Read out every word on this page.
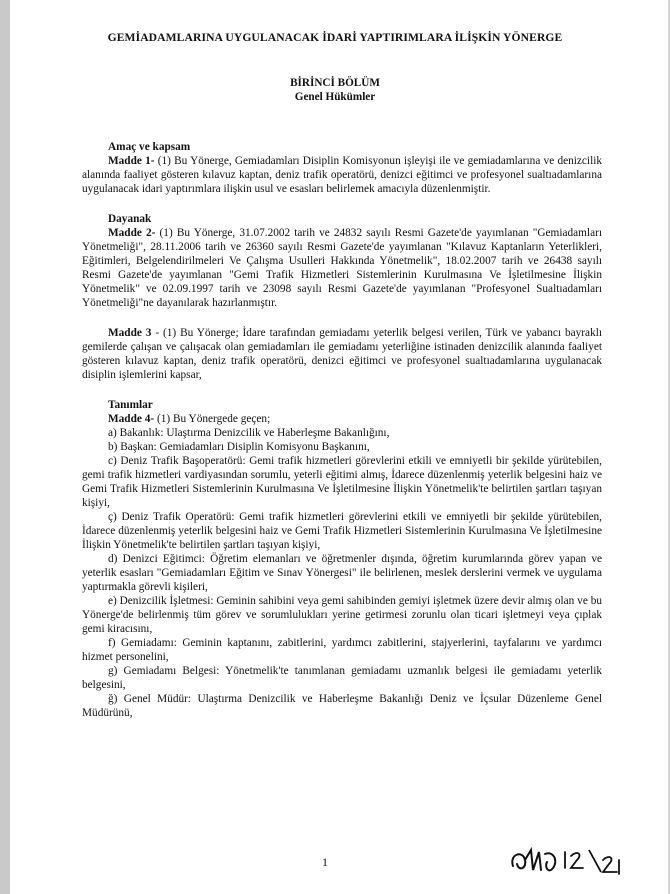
GEMİADAMLARINA UYGULANACAK İDARİ YAPTIRIMLARA İLİŞKİN YÖNERGE
BİRİNCİ BÖLÜM
Genel Hükümler
Amaç ve kapsam

Madde 1- (1) Bu Yönerge, Gemiadamları Disiplin Komisyonun işleyişi ile ve gemiadamlarına ve denizcilik alanında faaliyet gösteren kılavuz kaptan, deniz trafik operatörü, denizci eğitimci ve profesyonel sualtıadamlarına uygulanacak idari yaptırımlara ilişkin usul ve esasları belirlemek amacıyla düzenlenmiştir.

Dayanak

Madde 2- (1) Bu Yönerge, 31.07.2002 tarih ve 24832 sayılı Resmi Gazete'de yayımlanan "Gemiadamları Yönetmeliği", 28.11.2006 tarih ve 26360 sayılı Resmi Gazete'de yayımlanan "Kılavuz Kaptanların Yeterlikleri, Eğitimleri, Belgelendirilmeleri Ve Çalışma Usulleri Hakkında Yönetmelik", 18.02.2007 tarih ve 26438 sayılı Resmi Gazete'de yayımlanan "Gemi Trafik Hizmetleri Sistemlerinin Kurulmasına Ve İşletilmesine İlişkin Yönetmelik" ve 02.09.1997 tarih ve 23098 sayılı Resmi Gazete'de yayımlanan "Profesyonel Sualtıadamları Yönetmeliği"ne dayanılarak hazırlanmıştır.

Madde 3 - (1) Bu Yönerge; İdare tarafından gemiadamı yeterlik belgesi verilen, Türk ve yabancı bayraklı gemilerde çalışan ve çalışacak olan gemiadamları ile gemiadamı yeterliğine istinaden denizcilik alanında faaliyet gösteren kılavuz kaptan, deniz trafik operatörü, denizci eğitimci ve profesyonel sualtıadamlarına uygulanacak disiplin işlemlerini kapsar,

Tanımlar

Madde 4- (1) Bu Yönergede geçen;

a) Bakanlık: Ulaştırma Denizcilik ve Haberleşme Bakanlığını,

b) Başkan: Gemiadamları Disiplin Komisyonu Başkanını,

c) Deniz Trafik Başoperatörü: Gemi trafik hizmetleri görevlerini etkili ve emniyetli bir şekilde yürütebilen, gemi trafik hizmetleri vardiyasından sorumlu, yeterli eğitimi almış, İdarece düzenlenmiş yeterlik belgesini haiz ve Gemi Trafik Hizmetleri Sistemlerinin Kurulmasına Ve İşletilmesine İlişkin Yönetmelik'te belirtilen şartları taşıyan kişiyi,

ç) Deniz Trafik Operatörü: Gemi trafik hizmetleri görevlerini etkili ve emniyetli bir şekilde yürütebilen, İdarece düzenlenmiş yeterlik belgesini haiz ve Gemi Trafik Hizmetleri Sistemlerinin Kurulmasına Ve İşletilmesine İlişkin Yönetmelik'te belirtilen şartları taşıyan kişiyi,

d) Denizci Eğitimci: Öğretim elemanları ve öğretmenler dışında, öğretim kurumlarında görev yapan ve yeterlik esasları "Gemiadamları Eğitim ve Sınav Yönergesi" ile belirlenen, meslek derslerini vermek ve uygulama yaptırmakla görevli kişileri,

e) Denizcilik İşletmesi: Geminin sahibini veya gemi sahibinden gemiyi işletmek üzere devir almış olan ve bu Yönerge'de belirlenmiş tüm görev ve sorumlulukları yerine getirmesi zorunlu olan ticari işletmeyi veya çıplak gemi kiracısını,

f) Gemiadamı: Geminin kaptanını, zabitlerini, yardımcı zabitlerini, stajyerlerini, tayfalarını ve yardımcı hizmet personelini,

g) Gemiadamı Belgesi: Yönetmelik'te tanımlanan gemiadamı uzmanlık belgesi ile gemiadamı yeterlik belgesini,

ğ) Genel Müdür: Ulaştırma Denizcilik ve Haberleşme Bakanlığı Deniz ve İçsular Düzenleme Genel Müdürünü,

1
